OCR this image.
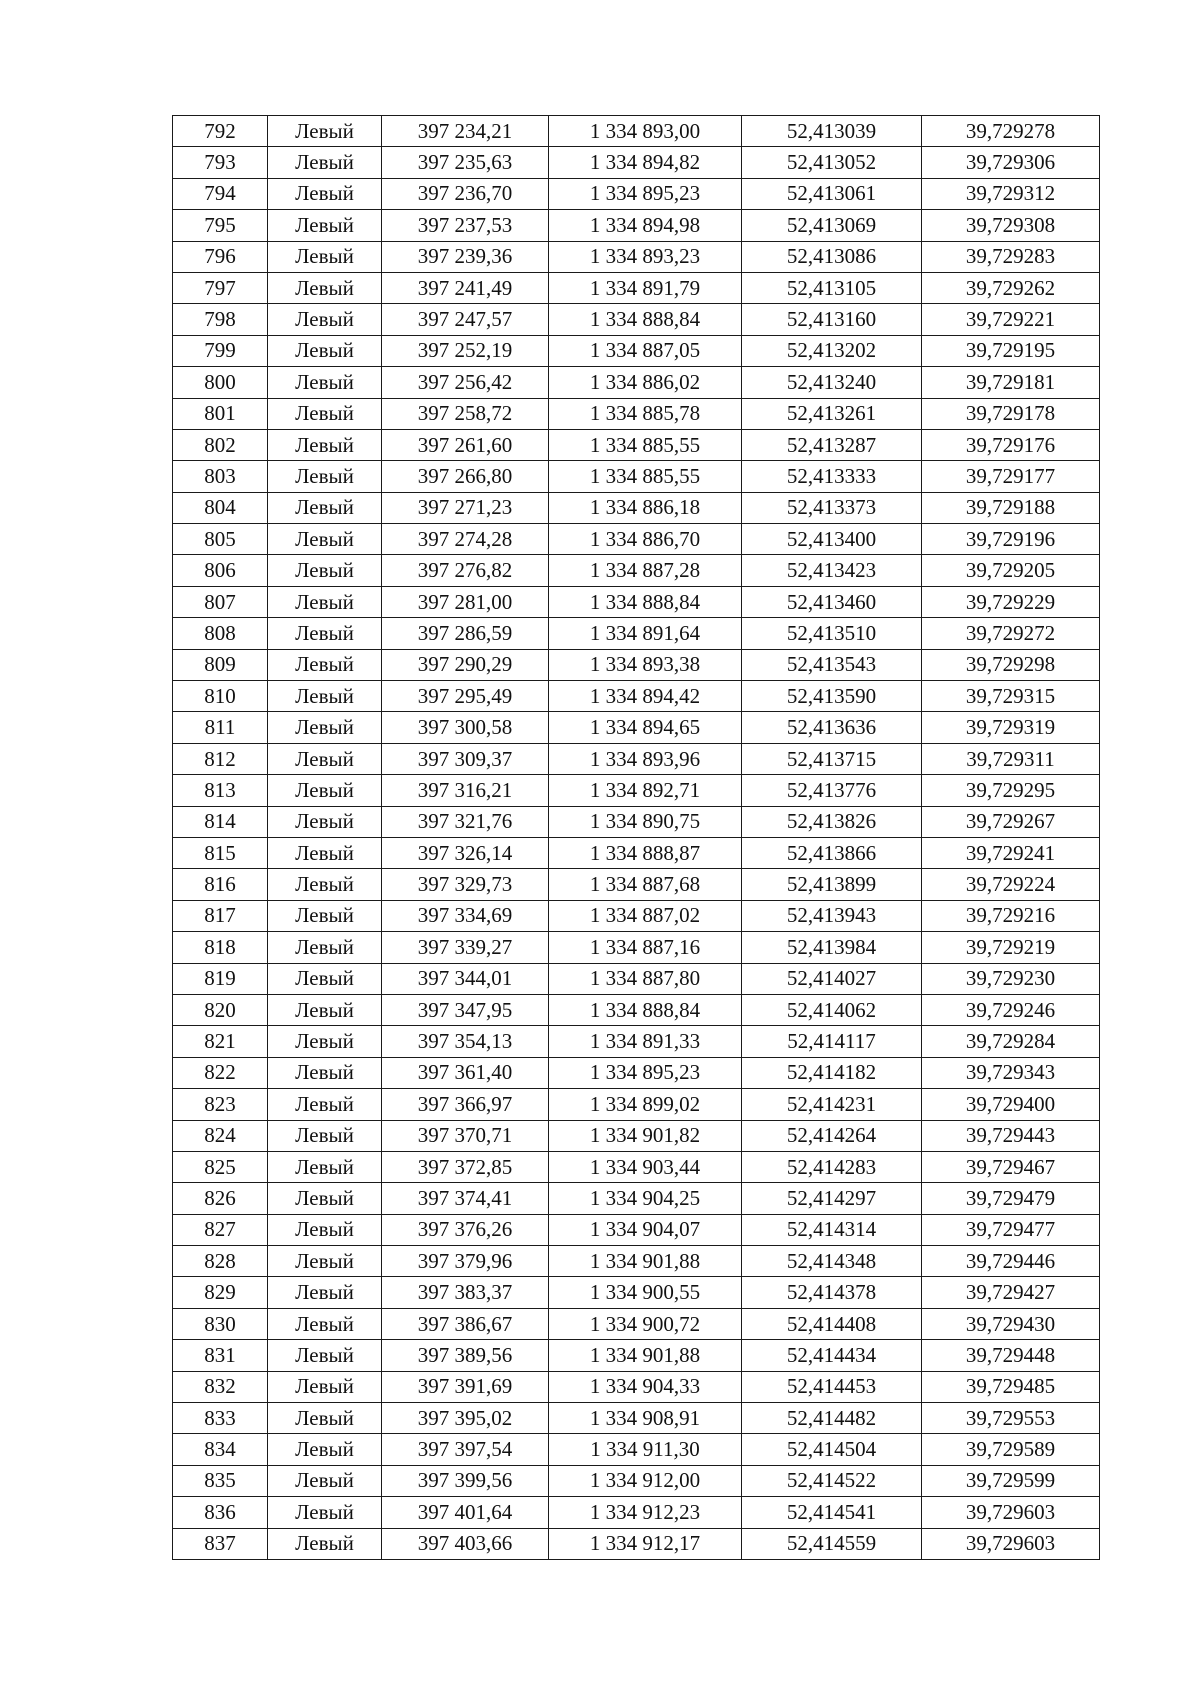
792	Левый	397 234,21	1 334 893,00	52,413039	39,729278
793	Левый	397 235,63	1 334 894,82	52,413052	39,729306
794	Левый	397 236,70	1 334 895,23	52,413061	39,729312
795	Левый	397 237,53	1 334 894,98	52,413069	39,729308
796	Левый	397 239,36	1 334 893,23	52,413086	39,729283
797	Левый	397 241,49	1 334 891,79	52,413105	39,729262
798	Левый	397 247,57	1 334 888,84	52,413160	39,729221
799	Левый	397 252,19	1 334 887,05	52,413202	39,729195
800	Левый	397 256,42	1 334 886,02	52,413240	39,729181
801	Левый	397 258,72	1 334 885,78	52,413261	39,729178
802	Левый	397 261,60	1 334 885,55	52,413287	39,729176
803	Левый	397 266,80	1 334 885,55	52,413333	39,729177
804	Левый	397 271,23	1 334 886,18	52,413373	39,729188
805	Левый	397 274,28	1 334 886,70	52,413400	39,729196
806	Левый	397 276,82	1 334 887,28	52,413423	39,729205
807	Левый	397 281,00	1 334 888,84	52,413460	39,729229
808	Левый	397 286,59	1 334 891,64	52,413510	39,729272
809	Левый	397 290,29	1 334 893,38	52,413543	39,729298
810	Левый	397 295,49	1 334 894,42	52,413590	39,729315
811	Левый	397 300,58	1 334 894,65	52,413636	39,729319
812	Левый	397 309,37	1 334 893,96	52,413715	39,729311
813	Левый	397 316,21	1 334 892,71	52,413776	39,729295
814	Левый	397 321,76	1 334 890,75	52,413826	39,729267
815	Левый	397 326,14	1 334 888,87	52,413866	39,729241
816	Левый	397 329,73	1 334 887,68	52,413899	39,729224
817	Левый	397 334,69	1 334 887,02	52,413943	39,729216
818	Левый	397 339,27	1 334 887,16	52,413984	39,729219
819	Левый	397 344,01	1 334 887,80	52,414027	39,729230
820	Левый	397 347,95	1 334 888,84	52,414062	39,729246
821	Левый	397 354,13	1 334 891,33	52,414117	39,729284
822	Левый	397 361,40	1 334 895,23	52,414182	39,729343
823	Левый	397 366,97	1 334 899,02	52,414231	39,729400
824	Левый	397 370,71	1 334 901,82	52,414264	39,729443
825	Левый	397 372,85	1 334 903,44	52,414283	39,729467
826	Левый	397 374,41	1 334 904,25	52,414297	39,729479
827	Левый	397 376,26	1 334 904,07	52,414314	39,729477
828	Левый	397 379,96	1 334 901,88	52,414348	39,729446
829	Левый	397 383,37	1 334 900,55	52,414378	39,729427
830	Левый	397 386,67	1 334 900,72	52,414408	39,729430
831	Левый	397 389,56	1 334 901,88	52,414434	39,729448
832	Левый	397 391,69	1 334 904,33	52,414453	39,729485
833	Левый	397 395,02	1 334 908,91	52,414482	39,729553
834	Левый	397 397,54	1 334 911,30	52,414504	39,729589
835	Левый	397 399,56	1 334 912,00	52,414522	39,729599
836	Левый	397 401,64	1 334 912,23	52,414541	39,729603
837	Левый	397 403,66	1 334 912,17	52,414559	39,729603
